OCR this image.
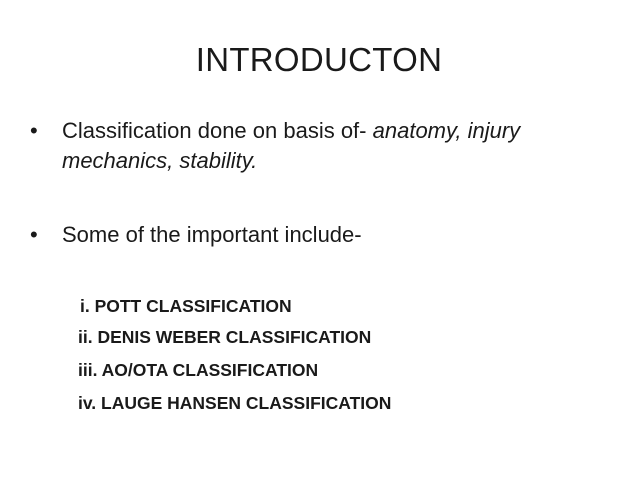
INTRODUCTON
•	Classification done on basis of- anatomy, injury mechanics, stability.
•	Some of the important include-
i. POTT CLASSIFICATION
ii. DENIS WEBER CLASSIFICATION
iii. AO/OTA CLASSIFICATION
iv. LAUGE HANSEN CLASSIFICATION
